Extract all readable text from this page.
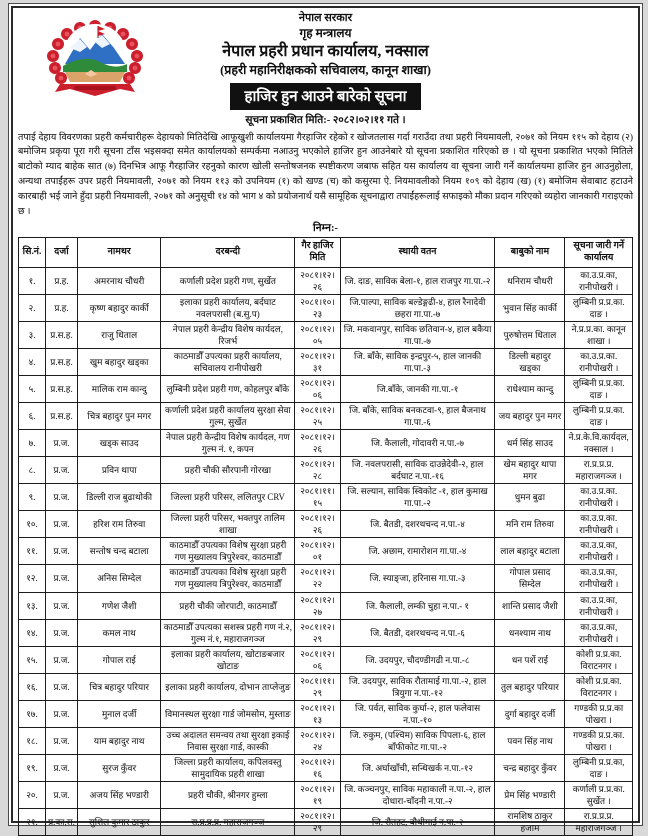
नेपाल सरकार
गृह मन्त्रालय
नेपाल प्रहरी प्रधान कार्यालय, नक्साल
(प्रहरी महानिरीक्षकको सचिवालय, कानून शाखा)
हाजिर हुन आउने बारेको सूचना
सूचना प्रकाशित मिति:- २०८२।०२।११ गते ।
तपाई देहाय विवरणका प्रहरी कर्मचारीहरू देहायको मितिदेखि आफूखुशी कार्यालयमा गैरहाजिर रहेको र खोजतलास गर्दा गराउँदा तथा प्रहरी नियमावली, २०७१ को नियम ११५ को देहाय (२) बमोजिम प्रकृया पूरा गरी सूचना टाँस भइसक्दा समेत कार्यालयको सम्पर्कमा नआउनु भएकोले हाजिर हुन आउनेबारे यो सूचना प्रकाशित गरिएको छ । यो सूचना प्रकाशित भएको मितिले बाटोको म्याद बाहेक सात (७) दिनभित्र आफू गैरहाजिर रहनुको कारण खोली सन्तोषजनक स्पष्टीकरण जबाफ सहित यस कार्यालय वा सूचना जारी गर्ने कार्यालयमा हाजिर हुन आउनुहोला, अन्यथा तपाईंहरू उपर प्रहरी नियमावली, २०७१ को नियम ११३ को उपनियम (१) को खण्ड (च) को कसुरमा ऐ. नियमावलीको नियम १०९ को देहाय (ख) (१) बमोजिम सेवाबाट हटाउने कारबाही भई जाने हुँदा प्रहरी नियमावली, २०७१ को अनुसूची १४ को भाग ४ को प्रयोजनार्थ यसै सामूहिक सूचनाद्वारा तपाईंहरूलाई सफाइको मौका प्रदान गरिएको व्यहोरा जानकारी गराइएको छ ।
निम्न:-
सि.नं.	दर्जा	नामथर	दरबन्दी	गैर हाजिर मिति	स्थायी वतन	बाबुको नाम	सूचना जारी गर्ने कार्यालय
१.	प्र.ह.	अमरनाथ चौधरी	कर्णाली प्रदेश प्रहरी गण, सुर्खेत	२०८१।१२।२६	जि. दाङ, साविक बेला-१, हाल राजपुर गा.पा.-२	धनिराम चौधरी	का.उ.प्र.का, रानीपोखरी ।
२.	प्र.ह.	कृष्ण बहादुर कार्की	इलाका प्रहरी कार्यालय, बर्दघाट नवलपरासी (ब.सु.प)	२०८१।१०।२३	जि.पाल्पा, साविक बल्डेङ्गढी-४, हाल रैनादेवी छहरा गा.पा.-७	भुवान सिंह कार्की	लुम्बिनी प्र.प्र.का. दाङ ।
३.	प्र.स.ह.	राजु धिताल	नेपाल प्रहरी केन्द्रीय विशेष कार्यदल, रिजर्भ	२०८१।१२।०५	जि. मकवानपुर, साविक छतिवान-४, हाल बकैया गा.पा.-७	पुरुषोत्तम धिताल	ने.प्र.प्र.का. कानून शाखा ।
४.	प्र.स.ह.	खुम बहादुर खड्का	काठमाडौँ उपत्यका प्रहरी कार्यालय, सचिवालय रानीपोखरी	२०८१।१२।३१	जि. बाँके, साविक इन्द्रपुर-५, हाल जानकी गा.पा.-३	डिल्ली बहादुर खड्का	का.उ.प्र.का. रानीपोखरी ।
५.	प्र.स.ह.	मालिक राम कान्दु	लुम्बिनी प्रदेश प्रहरी गण, कोहलपुर बाँके	२०८१।१२।०६	जि.बाँके, जानकी गा.पा.-१	राधेश्याम कान्दु	लुम्बिनी प्र.प्र.का. दाङ ।
६.	प्र.स.ह.	चित्र बहादुर पुन मगर	कर्णाली प्रदेश प्रहरी कार्यालय सुरक्षा सेवा गुल्म, सुर्खेत	२०८१।१२।२५	जि. बाँके, साविक बनकटवा-९, हाल बैजनाथ गा.पा.-६	जय बहादुर पुन मगर	लुम्बिनी प्र.प्र.का. दाङ ।
७.	प्र.ज.	खड्क साउद	नेपाल प्रहरी केन्द्रीय विशेष कार्यदल, गण गुल्म नं. १, कपन	२०८१।१२।२६	जि. कैलाली, गोदावरी न.पा.-७	धर्म सिंह साउद	ने.प्र.के.वि.कार्यदल, नक्साल ।
८.	प्र.ज.	प्रविन थापा	प्रहरी चौकी सौरपानी गोरखा	२०८१।१२।२८	जि. नवलपरासी, साविक दाउन्नेदेवी-२, हाल बर्दघाट न.पा.-१६	खेम बहादुर थापा मगर	रा.प्र.प्र.प्र. महाराजगञ्ज ।
९.	प्र.ज.	डिल्ली राज बुढाथोकी	जिल्ला प्रहरी परिसर, ललितपुर CRV	२०८१।११।१५	जि. सल्यान, साविक स्विकोट -१, हाल कुमाख गा.पा.-२	धुमन बुढा	का.उ.प्र.का. रानीपोखरी ।
१०.	प्र.ज.	हरिश राम तिरुवा	जिल्ला प्रहरी परिसर, भक्तपुर तालिम शाखा	२०८१।१२।२६	जि. बैतडी, दशरथचन्द न.पा.-४	मनि राम तिरुवा	का.उ.प्र.का. रानीपोखरी ।
११.	प्र.ज.	सन्तोष चन्द बटाला	काठमाडौँ उपत्यका विशेष सुरक्षा प्रहरी गण मुख्यालय त्रिपुरेश्वर, काठमाडौँ	२०८१।१२।०१	जि. अछाम, रामारोशन गा.पा.-४	लाल बहादुर बटाला	का.उ.प्र.का, रानीपोखरी ।
१२.	प्र.ज.	अनिस सिम्देल	काठमाडौँ उपत्यका विशेष सुरक्षा प्रहरी गण मुख्यालय त्रिपुरेश्वर, काठमाडौँ	२०८१।१२।२२	जि. स्याङ्जा, हरिनास गा.पा.-३	गोपाल प्रसाद सिम्देल	का.उ.प्र.का, रानीपोखरी ।
१३.	प्र.ज.	गणेश जैशी	प्रहरी चौकी जोरपाटी, काठमाडौँ	२०८१।१२।२७	जि. कैलाली, लम्की चुहा न.पा.- १	शान्ति प्रसाद जैशी	का.उ.प्र.का, रानीपोखरी ।
१४.	प्र.ज.	कमल नाथ	काठमाडौँ उपत्यका सशस्त्र प्रहरी गण नं.२, गुल्म नं.१, महाराजगञ्ज	२०८१।१२।२९	जि. बैतडी, दशरथचन्द न.पा.-६	धनश्याम नाथ	का.उ.प्र.का, रानीपोखरी ।
१५.	प्र.ज.	गोपाल राई	इलाका प्रहरी कार्यालय, खोटाङबजार खोटाङ	२०८१।१२।०६	जि. उदयपुर, चौदण्डीगढी न.पा.-८	धन पर्शे राई	कोशी प्र.प्र.का. विराटनगर ।
१६.	प्र.ज.	चित्र बहादुर परियार	इलाका प्रहरी कार्यालय, दोभान ताप्लेजुङ	२०८१।११।२९	जि. उदयपुर, साविक रौतामाई गा.पा.-२, हाल त्रियुगा न.पा.-१२	तुल बहादुर परियार	कोशी प्र.प्र.का. विराटनगर ।
१७.	प्र.ज.	मुनाल दर्जी	विमानस्थल सुरक्षा गार्ड जोमसोम, मुस्ताङ	२०८१।१२।१३	जि. पर्वत, साविक कुर्घा-२, हाल फलेवास न.पा.-१०	दुर्गा बहादुर दर्जी	गण्डकी प्र.प्र.का पोखरा ।
१८.	प्र.ज.	याम बहादुर नाथ	उच्च अदालत समन्वय तथा सुरक्षा इकाई निवास सुरक्षा गार्ड, कास्की	२०८१।१२।२४	जि. रुकुम, (पश्चिम) साविक पिपला-६, हाल बाँफीकोट गा.पा.-२	पवन सिंह नाथ	गण्डकी प्र.प्र.का. पोखरा ।
१९.	प्र.ज.	सुरज कुँवर	जिल्ला प्रहरी कार्यालय, कपिलवस्तु सामुदायिक प्रहरी शाखा	२०८१।१२।१६	जि. अर्घाखाँची, सन्धिखर्क न.पा.-१२	चन्द्र बहादुर कुँवर	लुम्बिनी प्र.प्र.का, दाङ ।
२०.	प्र.ज.	अजय सिंह भण्डारी	प्रहरी चौकी, श्रीनगर हुम्ला	२०८१।१२।१९	जि. कञ्चनपुर, साविक महाकाली न.पा.-२, हाल दोधारा-चाँदनी न.पा.-२	प्रेम सिंह भण्डारी	कर्णाली प्र.प्र.का. सुर्खेत ।
२१.	प्र.का.स.	सुशिल कुमार ठाकुर	रा.प्र.प्र.प्र. महाराजगञ्ज	२०८१।१२।२९	जि. रौतहट, बौधीमाई न.पा.-२	रामशिष ठाकुर हजाम	रा.प्र.प्र.प्र. महाराजगञ्ज ।
